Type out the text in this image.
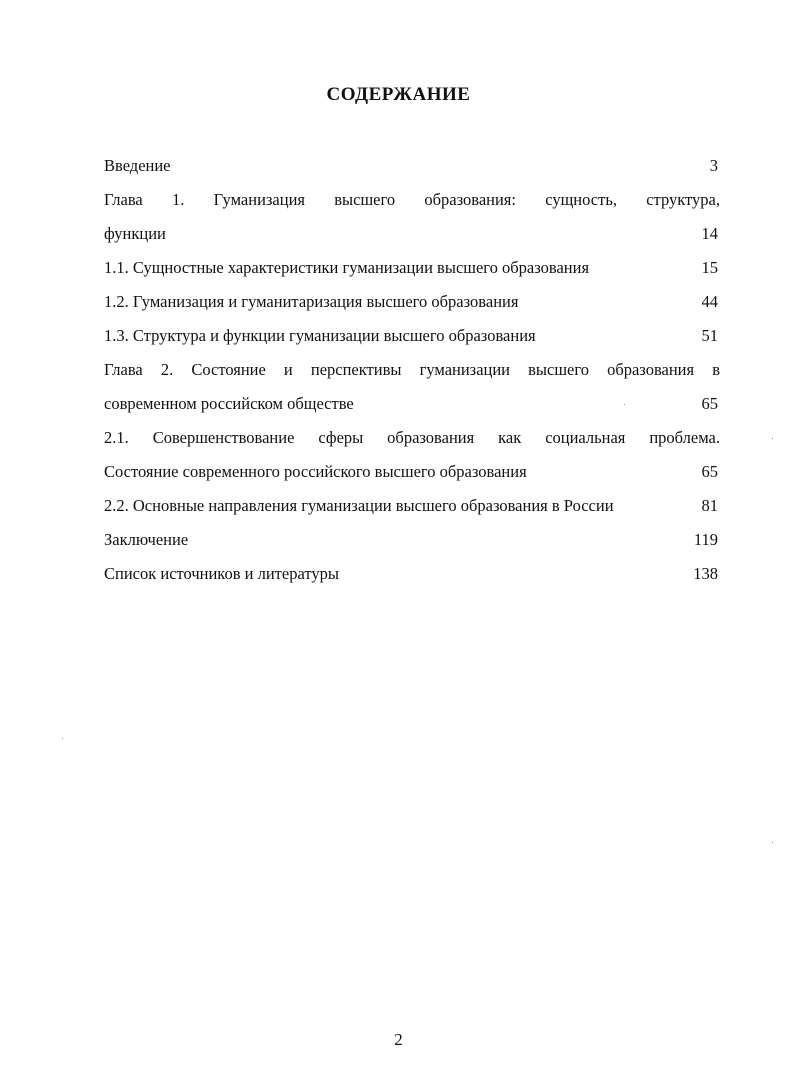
СОДЕРЖАНИЕ
Введение	3
Глава 1. Гуманизация высшего образования: сущность, структура,
функции	14
1.1. Сущностные характеристики гуманизации высшего образования	15
1.2. Гуманизация и гуманитаризация высшего образования	44
1.3. Структура и функции гуманизации высшего образования	51
Глава 2. Состояние и перспективы гуманизации высшего образования в
современном российском обществе	65
2.1. Совершенствование сферы образования как социальная проблема.
Состояние современного российского высшего образования	65
2.2. Основные направления гуманизации высшего образования в России	81
Заключение	119
Список источников и литературы	138
2
